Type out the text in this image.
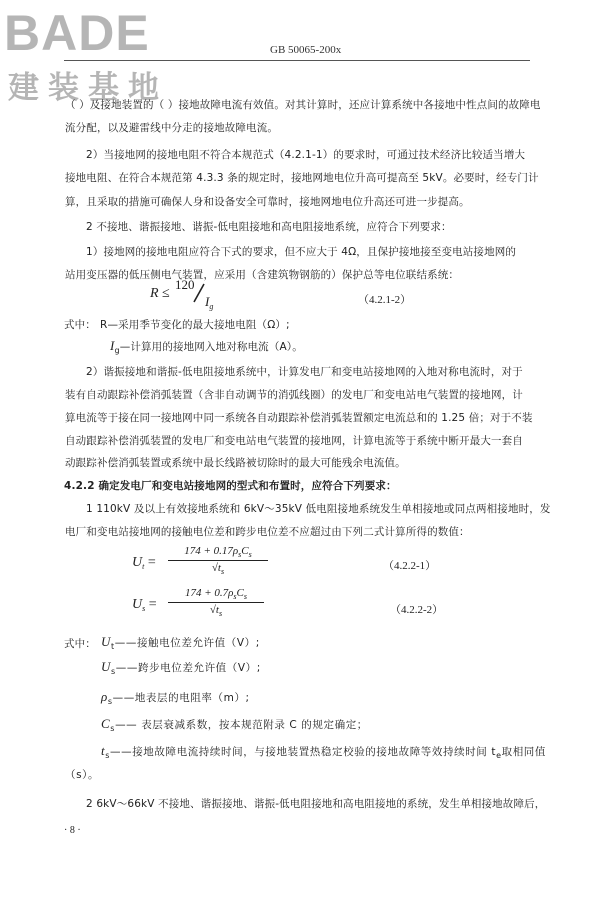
BADE
建装基地
GB 50065-200x
（ ）及接地装置的（ ）接地故障电流有效值。对其计算时，还应计算系统中各接地中性点间的故障电
流分配，以及避雷线中分走的接地故障电流。
2）当接地网的接地电阻不符合本规范式（4.2.1-1）的要求时，可通过技术经济比较适当增大
接地电阻、在符合本规范第 4.3.3 条的规定时，接地网地电位升高可提高至 5kV。必要时，经专门计
算，且采取的措施可确保人身和设备安全可靠时，接地网地电位升高还可进一步提高。
2 不接地、谐振接地、谐振-低电阻接地和高电阻接地系统，应符合下列要求：
1）接地网的接地电阻应符合下式的要求，但不应大于 4Ω，且保护接地接至变电站接地网的
站用变压器的低压侧电气装置，应采用（含建筑物钢筋的）保护总等电位联结系统：
R ≤
120
$I_g$
（4.2.1-2）
式中： R—采用季节变化的最大接地电阻（Ω）;
$I_g—$计算用的接地网入地对称电流（A）。
2）谐振接地和谐振-低电阻接地系统中，计算发电厂和变电站接地网的入地对称电流时，对于
装有自动跟踪补偿消弧装置（含非自动调节的消弧线圈）的发电厂和变电站电气装置的接地网，计
算电流等于接在同一接地网中同一系统各自动跟踪补偿消弧装置额定电流总和的 1.25 倍；对于不装
自动跟踪补偿消弧装置的发电厂和变电站电气装置的接地网，计算电流等于系统中断开最大一套自
动跟踪补偿消弧装置或系统中最长线路被切除时的最大可能残余电流值。
4.2.2 确定发电厂和变电站接地网的型式和布置时，应符合下列要求：
1 110kV 及以上有效接地系统和 6kV～35kV 低电阻接地系统发生单相接地或同点两相接地时，发
电厂和变电站接地网的接触电位差和跨步电位差不应超过由下列二式计算所得的数值：
$U_t$ =
$174 + 0.17\rho_sC_s$
$√t_s$	（4.2.2-1）
$U_s$ =
$174 + 0.7\rho_sC_s$
$√t_s$	（4.2.2-2）
式中： $U_t——$接触电位差允许值（V）;
$U_s——$跨步电位差允许值（V）;
$\rho_s——$地表层的电阻率（m）;
$C_s——$ 表层衰减系数，按本规范附录 C 的规定确定；
$t_s——$接地故障电流持续时间，与接地装置热稳定校验的接地故障等效持续时间 $t_e$取相同值
（s）。
2 6kV～66kV 不接地、谐振接地、谐振-低电阻接地和高电阻接地的系统，发生单相接地故障后，
· 8 ·
